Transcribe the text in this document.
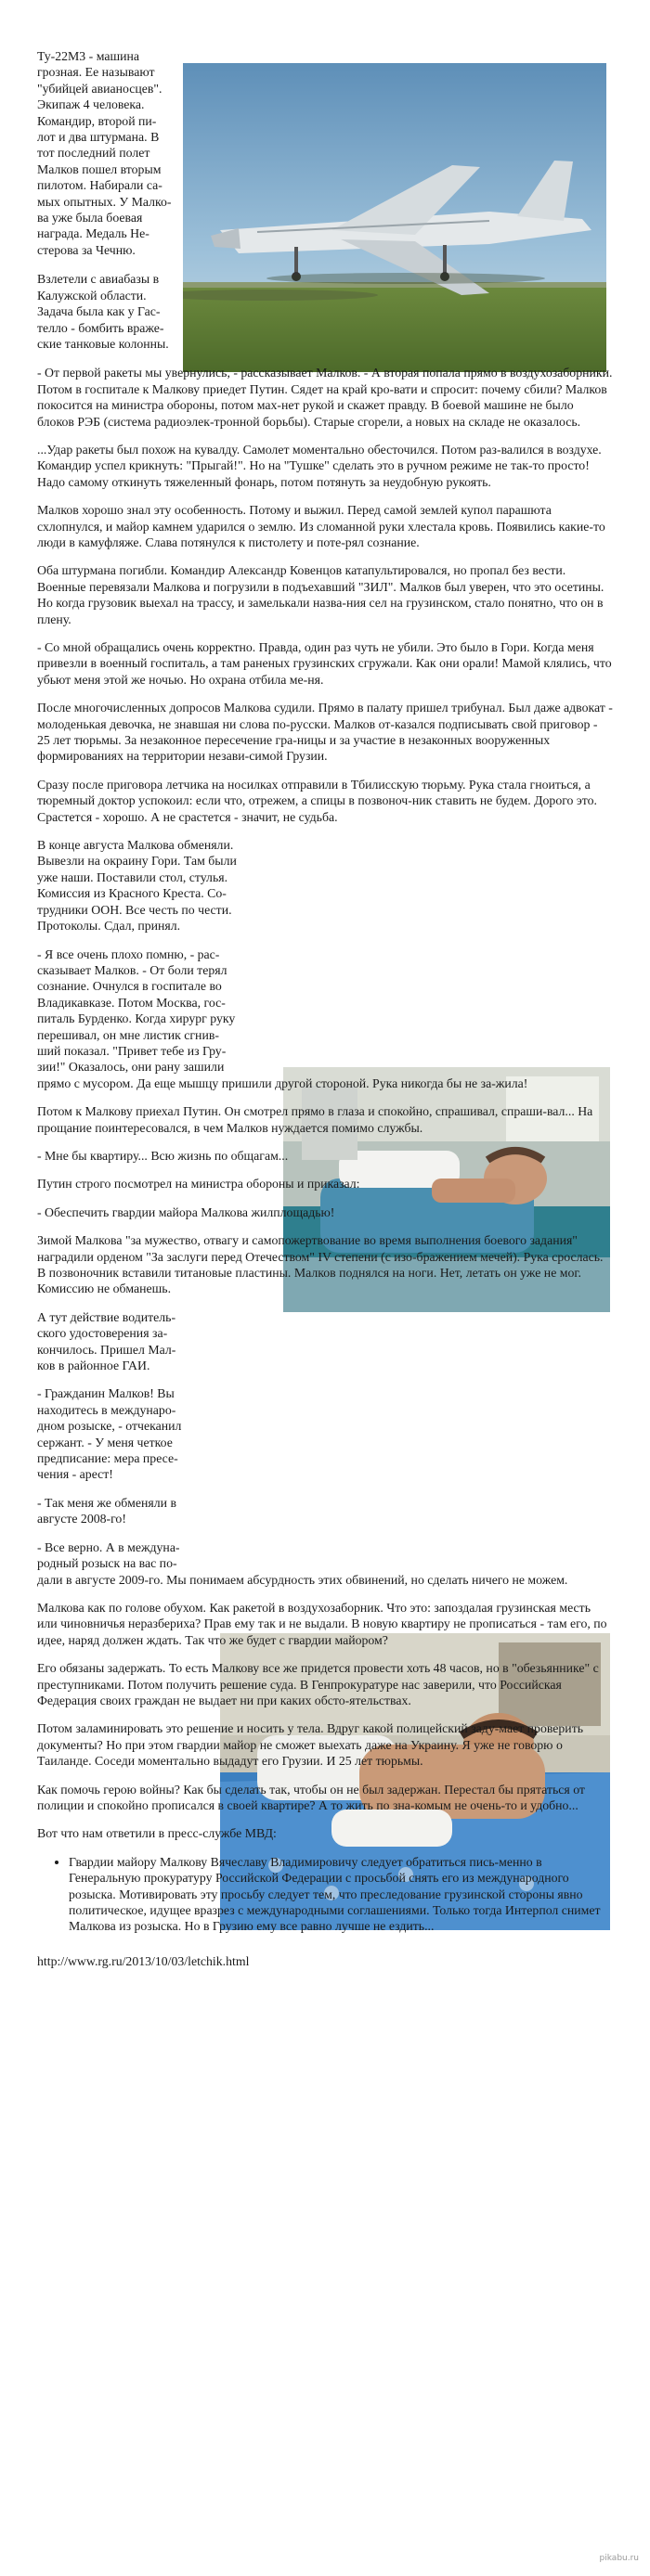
Ту-22М3 - машина
грозная. Ее называют
"убийцей авианосцев".
Экипаж 4 человека.
Командир, второй пи-
лот и два штурмана. В
тот последний полет
Малков пошел вторым
пилотом. Набирали са-
мых опытных. У Малко-
ва уже была боевая
награда. Медаль Не-
стерова за Чечню.
Взлетели с авиабазы в
Калужской области.
Задача была как у Гас-
телло - бомбить враже-
ские танковые колонны.

- От первой ракеты мы увернулись, - рассказывает Малков. - А вторая попала прямо в воздухозаборники. Потом в госпитале к Малкову приедет Путин. Сядет на край кро-вати и спросит: почему сбили? Малков покосится на министра обороны, потом мах-нет рукой и скажет правду. В боевой машине не было блоков РЭБ (система радиоэлек-тронной борьбы). Старые сгорели, а новых на складе не оказалось.

...Удар ракеты был похож на кувалду. Самолет моментально обесточился. Потом раз-валился в воздухе. Командир успел крикнуть: "Прыгай!". Но на "Тушке" сделать это в ручном режиме не так-то просто! Надо самому откинуть тяжеленный фонарь, потом потянуть за неудобную рукоять.

Малков хорошо знал эту особенность. Потому и выжил. Перед самой землей купол парашюта схлопнулся, и майор камнем ударился о землю. Из сломанной руки хлестала кровь. Появились какие-то люди в камуфляже. Слава потянулся к пистолету и поте-рял сознание.

Оба штурмана погибли. Командир Александр Ковенцов катапультировался, но пропал без вести. Военные перевязали Малкова и погрузили в подъехавший "ЗИЛ". Малков был уверен, что это осетины. Но когда грузовик выехал на трассу, и замелькали назва-ния сел на грузинском, стало понятно, что он в плену.

- Со мной обращались очень корректно. Правда, один раз чуть не убили. Это было в Гори. Когда меня привезли в военный госпиталь, а там раненых грузинских сгружали. Как они орали! Мамой клялись, что убьют меня этой же ночью. Но охрана отбила ме-ня.

После многочисленных допросов Малкова судили. Прямо в палату пришел трибунал. Был даже адвокат - молоденькая девочка, не знавшая ни слова по-русски. Малков от-казался подписывать свой приговор - 25 лет тюрьмы. За незаконное пересечение гра-ницы и за участие в незаконных вооруженных формированиях на территории незави-симой Грузии.

Сразу после приговора летчика на носилках отправили в Тбилисскую тюрьму. Рука стала гноиться, а тюремный доктор успокоил: если что, отрежем, а спицы в позвоноч-ник ставить не будем. Дорого это. Срастется - хорошо. А не срастется - значит, не судьба.

В конце августа Малкова обменяли.
Вывезли на окраину Гори. Там были
уже наши. Поставили стол, стулья.
Комиссия из Красного Креста. Со-
трудники ООН. Все честь по чести.
Протоколы. Сдал, принял.
- Я все очень плохо помню, - рас-
сказывает Малков. - От боли терял
сознание. Очнулся в госпитале во
Владикавказе. Потом Москва, гос-
питаль Бурденко. Когда хирург руку
перешивал, он мне листик сгнив-
ший показал. "Привет тебе из Гру-
зии!" Оказалось, они рану зашили

прямо с мусором. Да еще мышцу пришили другой стороной. Рука никогда бы не за-жила!

Потом к Малкову приехал Путин. Он смотрел прямо в глаза и спокойно, спрашивал, спраши-вал... На прощание поинтересовался, в чем Малков нуждается помимо службы.

- Мне бы квартиру... Всю жизнь по общагам...

Путин строго посмотрел на министра обороны и приказал:

- Обеспечить гвардии майора Малкова жилплощадью!

Зимой Малкова "за мужество, отвагу и самопожертвование во время выполнения боевого задания" наградили орденом "За заслуги перед Отечеством" IV степени (с изо-бражением мечей). Рука срослась. В позвоночник вставили титановые пластины. Малков поднялся на ноги. Нет, летать он уже не мог. Комиссию не обманешь.

А тут действие водитель-
ского удостоверения за-
кончилось. Пришел Мал-
ков в районное ГАИ.
- Гражданин Малков! Вы
находитесь в междунаро-
дном розыске, - отчеканил
сержант. - У меня четкое
предписание: мера пресе-
чения - арест!
- Так меня же обменяли в
августе 2008-го!
- Все верно. А в междуна-
родный розыск на вас по-

дали в августе 2009-го. Мы понимаем абсурдность этих обвинений, но сделать ничего не можем.

Малкова как по голове обухом. Как ракетой в воздухозаборник. Что это: запоздалая грузинская месть или чиновничья неразбериха? Прав ему так и не выдали. В новую квартиру не прописаться - там его, по идее, наряд должен ждать. Так что же будет с гвардии майором?

Его обязаны задержать. То есть Малкову все же придется провести хоть 48 часов, но в "обезьяннике" с преступниками. Потом получить решение суда. В Генпрокуратуре нас заверили, что Российская Федерация своих граждан не выдает ни при каких обсто-ятельствах.

Потом заламинировать это решение и носить у тела. Вдруг какой полицейский заду-мает проверить документы? Но при этом гвардии майор не сможет выехать даже на Украину. Я уже не говорю о Таиланде. Соседи моментально выдадут его Грузии. И 25 лет тюрьмы.

Как помочь герою войны? Как бы сделать так, чтобы он не был задержан. Перестал бы прятаться от полиции и спокойно прописался в своей квартире? А то жить по зна-комым не очень-то и удобно...

Вот что нам ответили в пресс-службе МВД:

• Гвардии майору Малкову Вячеславу Владимировичу следует обратиться пись-менно в Генеральную прокуратуру Российской Федерации с просьбой снять его из международного розыска. Мотивировать эту просьбу следует тем, что преследование грузинской стороны явно политическое, идущее вразрез с международными соглашениями. Только тогда Интерпол снимет Малкова из розыска. Но в Грузию ему все равно лучше не ездить...

http://www.rg.ru/2013/10/03/letchik.html

pikabu.ru
